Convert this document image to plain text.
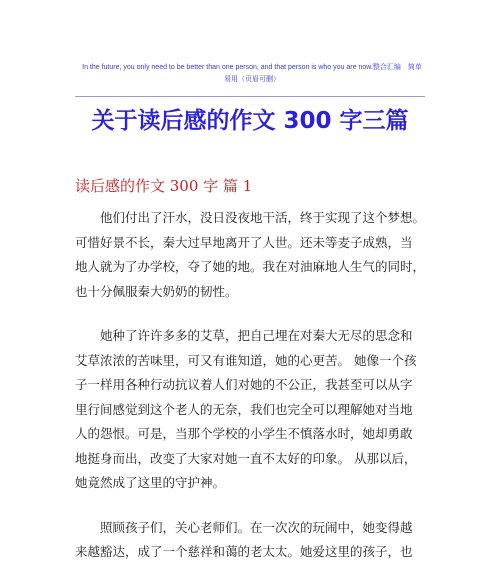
In the future, you only need to be better than one person, and that person is who you are now.整合汇编　简单
易用（页眉可删）
关于读后感的作文 300 字三篇
读后感的作文 300 字 篇 1

他们付出了汗水，没日没夜地干活，终于实现了这个梦想。
可惜好景不长，秦大过早地离开了人世。还未等麦子成熟，当
地人就为了办学校，夺了她的地。我在对油麻地人生气的同时，
也十分佩服秦大奶奶的韧性。

她种了许许多多的艾草，把自己埋在对秦大无尽的思念和
艾草浓浓的苦味里，可又有谁知道，她的心更苦。 她像一个孩
子一样用各种行动抗议着人们对她的不公正，我甚至可以从字
里行间感觉到这个老人的无奈，我们也完全可以理解她对当地
人的怨恨。可是，当那个学校的小学生不慎落水时，她却勇敢
地挺身而出，改变了大家对她一直不太好的印象。 从那以后，
她竟然成了这里的守护神。

照顾孩子们，关心老师们。在一次次的玩闹中，她变得越
来越豁达，成了一个慈祥和蔼的老太太。她爱这里的孩子，也
